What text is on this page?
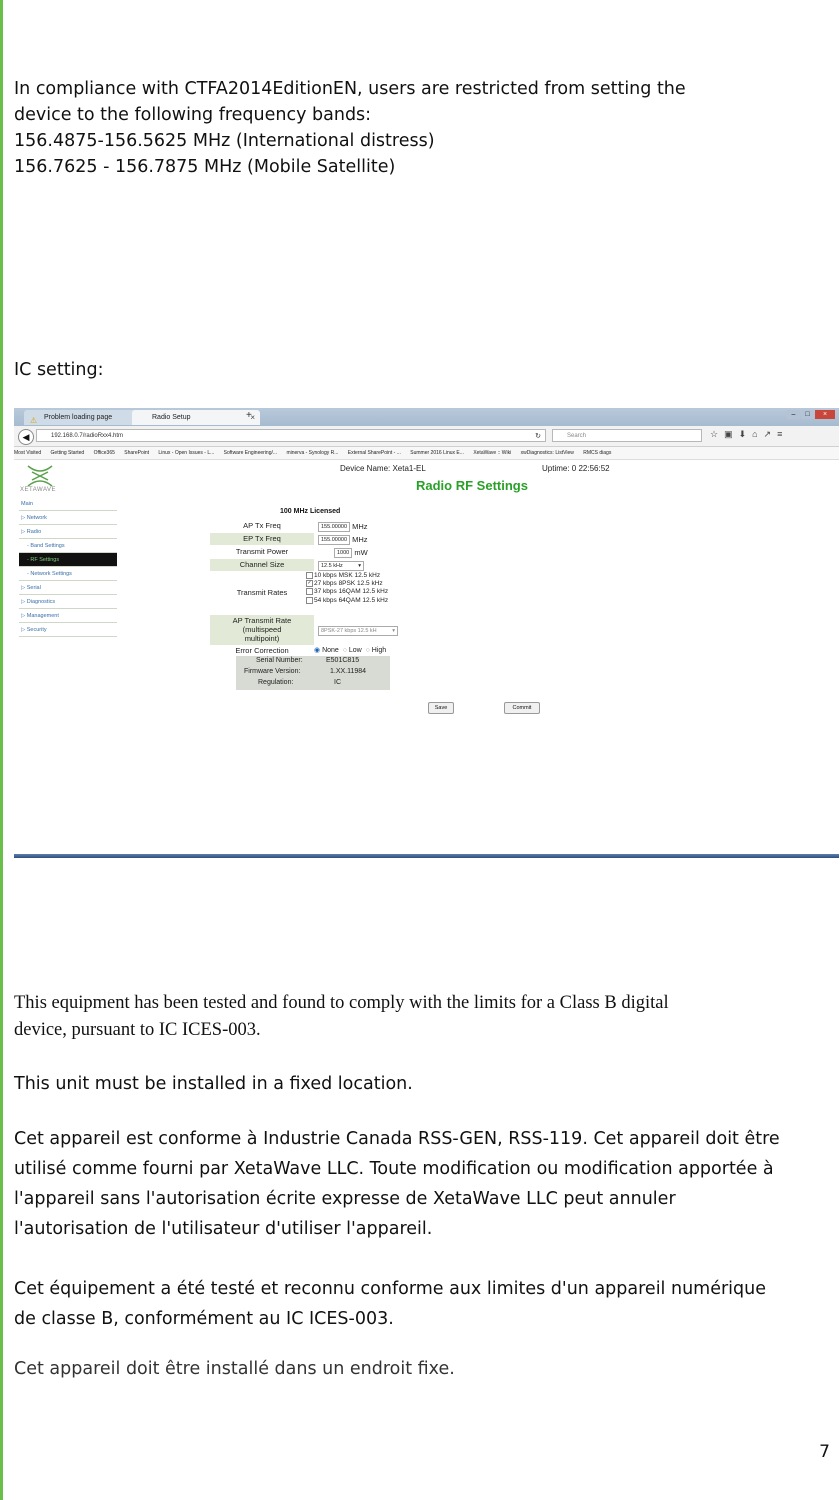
In compliance with CTFA2014EditionEN, users are restricted from setting the
device to the following frequency bands:
156.4875-156.5625 MHz (International distress)
156.7625 - 156.7875 MHz (Mobile Satellite)
IC setting:
⚠ Problem loading page	Radio Setup	×
+	–	□	×
◀	192.168.0.7/radioRxx4.htm	↻	Search	☆▣⬇⌂↗≡
Most Visited Getting Started Office365 SharePoint Linux - Open Issues - L... Software Engineering/... minerva - Synology R... External SharePoint - ... Summer 2016 Linux E... XetaWave :: Wiki xwDiagnostics: ListView RMCS diags
XETAWAVE
Device Name: Xeta1-EL	Uptime: 0 22:56:52
Radio RF Settings
Main
▷ Network
▷ Radio
- Band Settings
- RF Settings
- Network Settings
▷ Serial
▷ Diagnostics
▷ Management
▷ Security
100 MHz Licensed
AP Tx Freq	155.00000 MHz
EP Tx Freq	155.00000 MHz
Transmit Power	1000 mW
Channel Size	12.5 kHz	▾
Transmit Rates
10 kbps MSK 12.5 kHz
✓ 27 kbps 8PSK 12.5 kHz
37 kbps 16QAM 12.5 kHz
54 kbps 64QAM 12.5 kHz
AP Transmit Rate
(multispeed
multipoint)
8PSK-27 kbps 12.5 kH	▾
Error Correction	◉ None ○ Low ○ High
Serial Number:	E501C815
Firmware Version:	1.XX.11984
Regulation:	IC
Save	Commit
This equipment has been tested and found to comply with the limits for a Class B digital
device, pursuant to IC ICES-003.
This unit must be installed in a fixed location.
Cet appareil est conforme à Industrie Canada RSS-GEN, RSS-119. Cet appareil doit être
utilisé comme fourni par XetaWave LLC. Toute modification ou modification apportée à
l'appareil sans l'autorisation écrite expresse de XetaWave LLC peut annuler
l'autorisation de l'utilisateur d'utiliser l'appareil.
Cet équipement a été testé et reconnu conforme aux limites d'un appareil numérique
de classe B, conformément au IC ICES-003.
Cet appareil doit être installé dans un endroit fixe.
7
